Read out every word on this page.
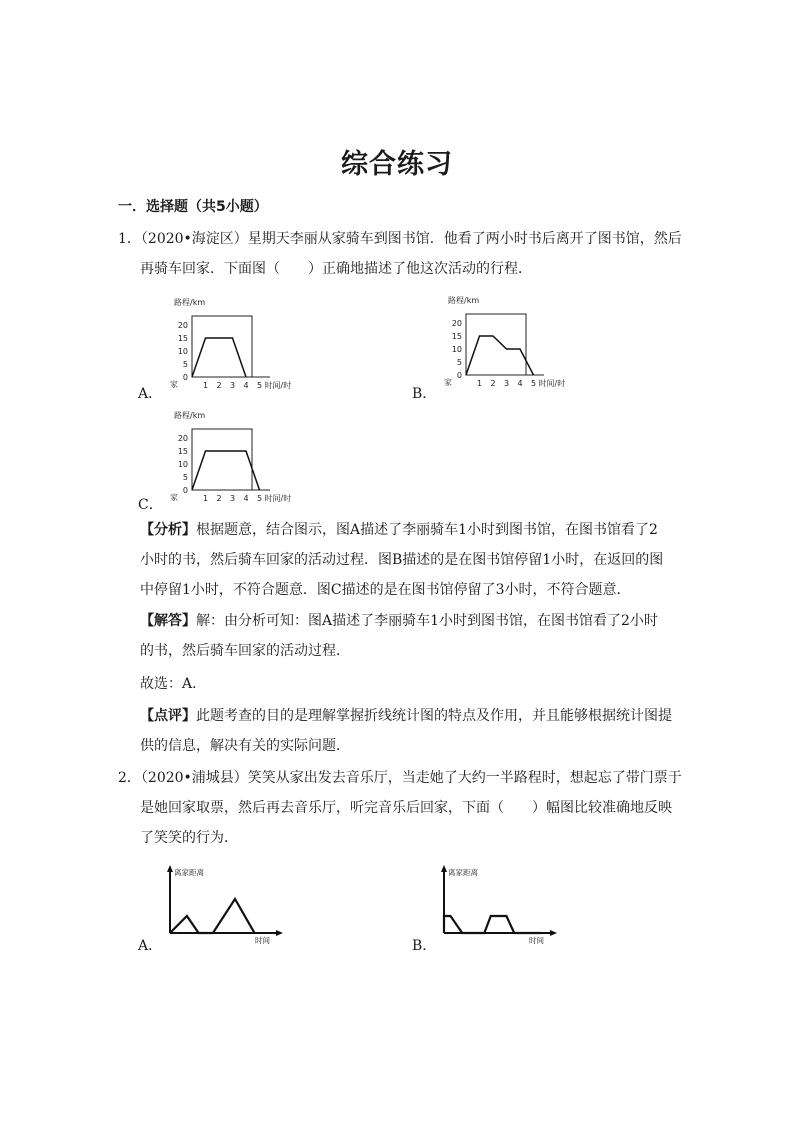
综合练习
一．选择题（共5小题）
1．（2020•海淀区）星期天李丽从家骑车到图书馆．他看了两小时书后离开了图书馆，然后
再骑车回家．下面图（　　）正确地描述了他这次活动的行程．
A．
路程/km
20
15
10
5
0
1 2 3 4 5 时间/时
家
B．
路程/km
20
15
10
5
0
1 2 3 4 5 时间/时
家
C．
路程/km
20
15
10
5
0
1 2 3 4 5 时间/时
家
【分析】根据题意，结合图示，图A描述了李丽骑车1小时到图书馆，在图书馆看了2
小时的书，然后骑车回家的活动过程．图B描述的是在图书馆停留1小时，在返回的图
中停留1小时，不符合题意．图C描述的是在图书馆停留了3小时，不符合题意．
【解答】解：由分析可知：图A描述了李丽骑车1小时到图书馆，在图书馆看了2小时
的书，然后骑车回家的活动过程．
故选：A．
【点评】此题考查的目的是理解掌握折线统计图的特点及作用，并且能够根据统计图提
供的信息，解决有关的实际问题．
2．（2020•浦城县）笑笑从家出发去音乐厅，当走她了大约一半路程时，想起忘了带门票于
是她回家取票，然后再去音乐厅，听完音乐后回家，下面（　　）幅图比较准确地反映
了笑笑的行为．
A．
离家距离
时间	B．
离家距离
时间
